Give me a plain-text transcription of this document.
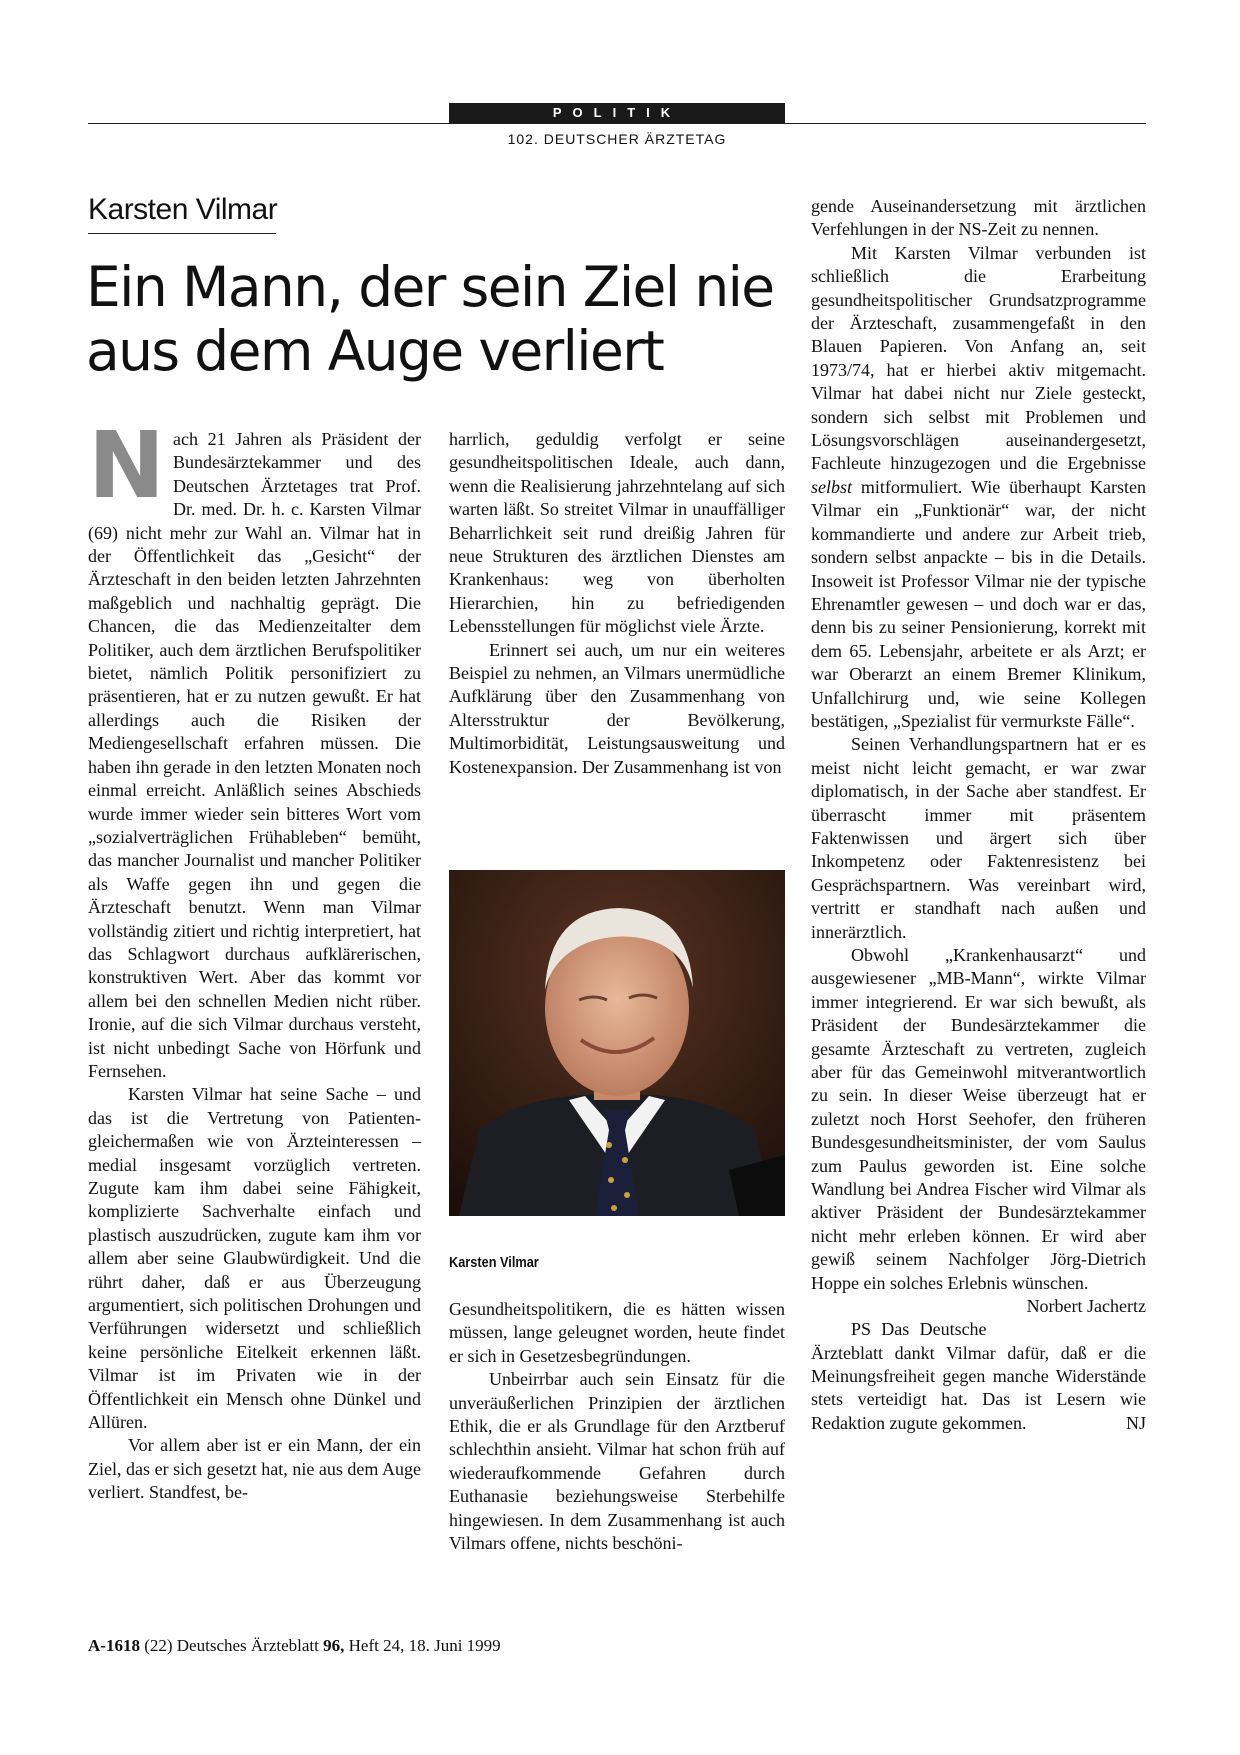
POLITIK
102. DEUTSCHER ÄRZTETAG
Karsten Vilmar
Ein Mann, der sein Ziel nie
aus dem Auge verliert

Nach 21 Jahren als Präsident der Bundesärztekammer und des Deutschen Ärztetages trat Prof. Dr. med. Dr. h. c. Karsten Vilmar (69) nicht mehr zur Wahl an. Vilmar hat in der Öffentlichkeit das „Gesicht“ der Ärzteschaft in den beiden letzten Jahrzehnten maßgeblich und nachhaltig geprägt. Die Chancen, die das Medienzeitalter dem Politiker, auch dem ärztlichen Berufspolitiker bietet, nämlich Politik personifiziert zu präsentieren, hat er zu nutzen gewußt. Er hat allerdings auch die Risiken der Mediengesellschaft erfahren müssen. Die haben ihn gerade in den letzten Monaten noch einmal erreicht. Anläßlich seines Abschieds wurde immer wieder sein bitteres Wort vom „sozialverträglichen Frühableben“ bemüht, das mancher Journalist und mancher Politiker als Waffe gegen ihn und gegen die Ärzteschaft benutzt. Wenn man Vilmar vollständig zitiert und richtig interpretiert, hat das Schlagwort durchaus aufklärerischen, konstruktiven Wert. Aber das kommt vor allem bei den schnellen Medien nicht rüber. Ironie, auf die sich Vilmar durchaus versteht, ist nicht unbedingt Sache von Hörfunk und Fernsehen.

Karsten Vilmar hat seine Sache – und das ist die Vertretung von Patienten- gleichermaßen wie von Ärzteinteressen – medial insgesamt vorzüglich vertreten. Zugute kam ihm dabei seine Fähigkeit, komplizierte Sachverhalte einfach und plastisch auszudrücken, zugute kam ihm vor allem aber seine Glaubwürdigkeit. Und die rührt daher, daß er aus Überzeugung argumentiert, sich politischen Drohungen und Verführungen widersetzt und schließlich keine persönliche Eitelkeit erkennen läßt. Vilmar ist im Privaten wie in der Öffentlichkeit ein Mensch ohne Dünkel und Allüren.

Vor allem aber ist er ein Mann, der ein Ziel, das er sich gesetzt hat, nie aus dem Auge verliert. Standfest, be-

harrlich, geduldig verfolgt er seine gesundheitspolitischen Ideale, auch dann, wenn die Realisierung jahrzehntelang auf sich warten läßt. So streitet Vilmar in unauffälliger Beharrlichkeit seit rund dreißig Jahren für neue Strukturen des ärztlichen Dienstes am Krankenhaus: weg von überholten Hierarchien, hin zu befriedigenden Lebensstellungen für möglichst viele Ärzte.

Erinnert sei auch, um nur ein weiteres Beispiel zu nehmen, an Vilmars unermüdliche Aufklärung über den Zusammenhang von Altersstruktur der Bevölkerung, Multimorbidität, Leistungsausweitung und Kostenexpansion. Der Zusammenhang ist von

Karsten Vilmar

Gesundheitspolitikern, die es hätten wissen müssen, lange geleugnet worden, heute findet er sich in Gesetzesbegründungen.

Unbeirrbar auch sein Einsatz für die unveräußerlichen Prinzipien der ärztlichen Ethik, die er als Grundlage für den Arztberuf schlechthin ansieht. Vilmar hat schon früh auf wiederaufkommende Gefahren durch Euthanasie beziehungsweise Sterbehilfe hingewiesen. In dem Zusammenhang ist auch Vilmars offene, nichts beschöni-

gende Auseinandersetzung mit ärztlichen Verfehlungen in der NS-Zeit zu nennen.

Mit Karsten Vilmar verbunden ist schließlich die Erarbeitung gesundheitspolitischer Grundsatzprogramme der Ärzteschaft, zusammengefaßt in den Blauen Papieren. Von Anfang an, seit 1973/74, hat er hierbei aktiv mitgemacht. Vilmar hat dabei nicht nur Ziele gesteckt, sondern sich selbst mit Problemen und Lösungsvorschlägen auseinandergesetzt, Fachleute hinzugezogen und die Ergebnisse selbst mitformuliert. Wie überhaupt Karsten Vilmar ein „Funktionär“ war, der nicht kommandierte und andere zur Arbeit trieb, sondern selbst anpackte – bis in die Details. Insoweit ist Professor Vilmar nie der typische Ehrenamtler gewesen – und doch war er das, denn bis zu seiner Pensionierung, korrekt mit dem 65. Lebensjahr, arbeitete er als Arzt; er war Oberarzt an einem Bremer Klinikum, Unfallchirurg und, wie seine Kollegen bestätigen, „Spezialist für vermurkste Fälle“.

Seinen Verhandlungspartnern hat er es meist nicht leicht gemacht, er war zwar diplomatisch, in der Sache aber standfest. Er überrascht immer mit präsentem Faktenwissen und ärgert sich über Inkompetenz oder Faktenresistenz bei Gesprächspartnern. Was vereinbart wird, vertritt er standhaft nach außen und innerärztlich.

Obwohl „Krankenhausarzt“ und ausgewiesener „MB-Mann“, wirkte Vilmar immer integrierend. Er war sich bewußt, als Präsident der Bundesärztekammer die gesamte Ärzteschaft zu vertreten, zugleich aber für das Gemeinwohl mitverantwortlich zu sein. In dieser Weise überzeugt hat er zuletzt noch Horst Seehofer, den früheren Bundesgesundheitsminister, der vom Saulus zum Paulus geworden ist. Eine solche Wandlung bei Andrea Fischer wird Vilmar als aktiver Präsident der Bundesärztekammer nicht mehr erleben können. Er wird aber gewiß seinem Nachfolger Jörg-Dietrich Hoppe ein solches Erlebnis wünschen.
Norbert Jachertz

PS Das Deutsche Ärzteblatt dankt Vilmar dafür, daß er die Meinungsfreiheit gegen manche Widerstände stets verteidigt hat. Das ist Lesern wie Redaktion zugute gekommen.	NJ

A-1618 (22) Deutsches Ärzteblatt 96, Heft 24, 18. Juni 1999
